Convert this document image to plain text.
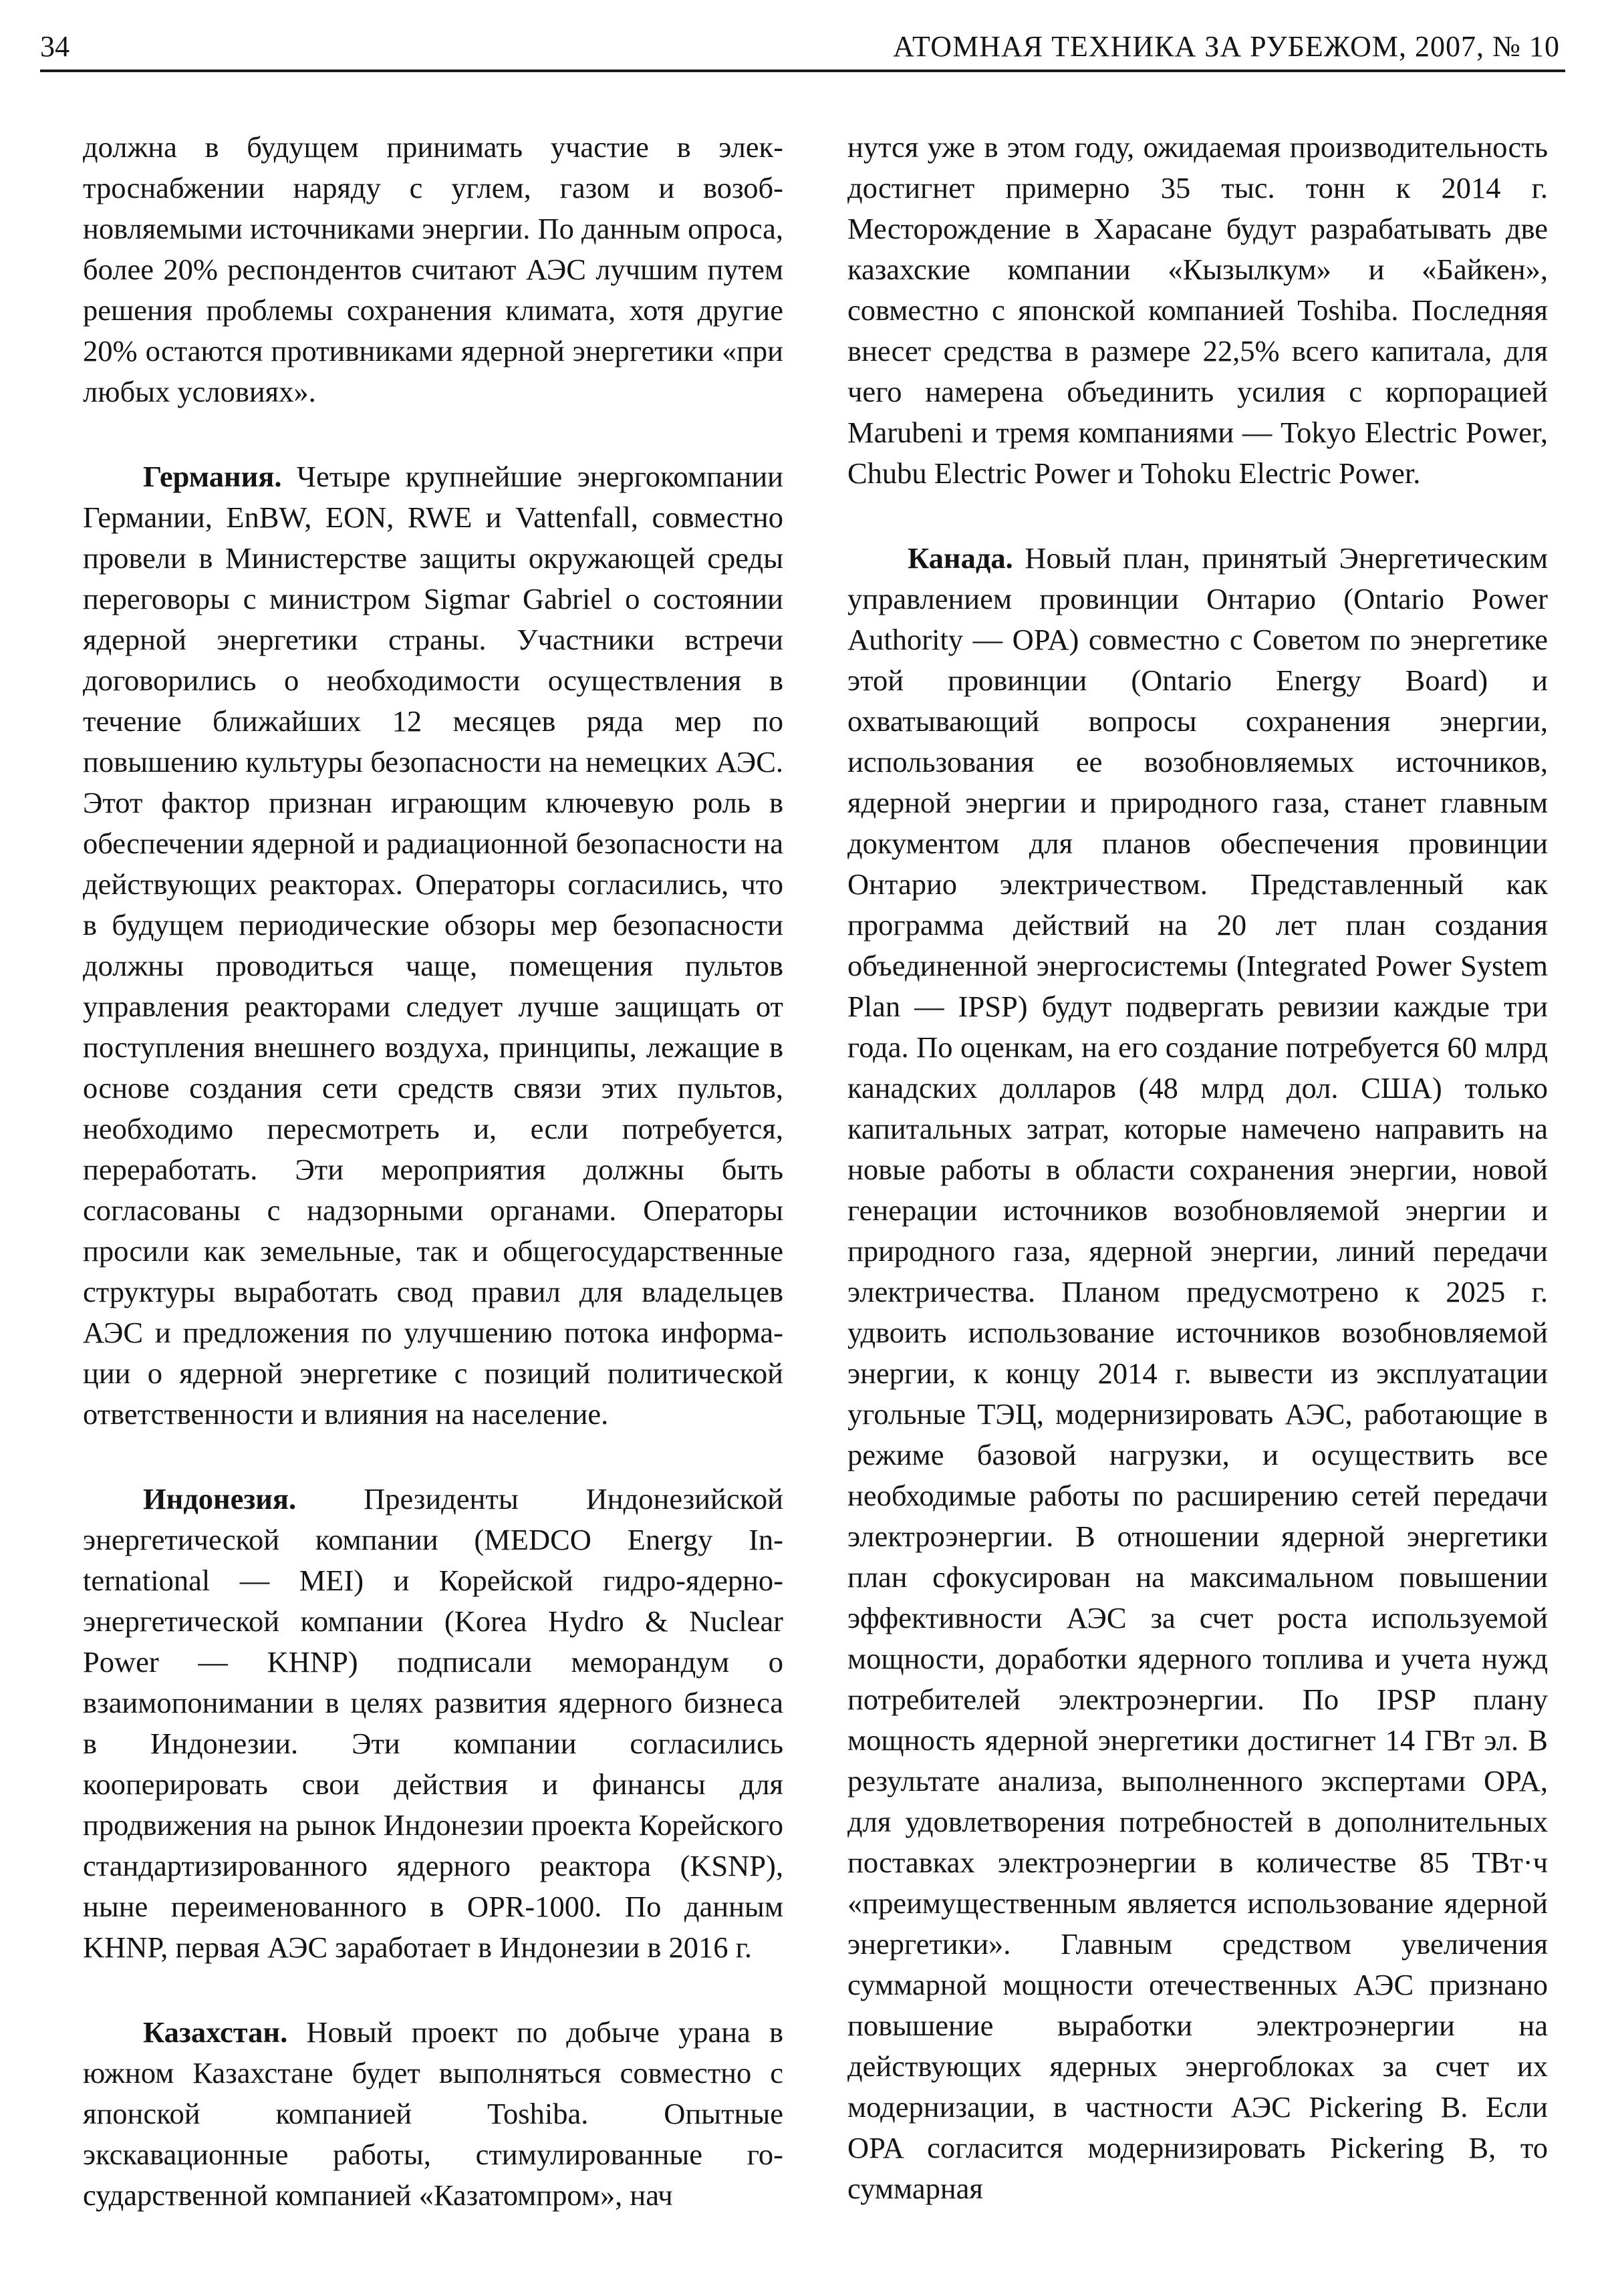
34	АТОМНАЯ ТЕХНИКА ЗА РУБЕЖОМ, 2007, № 10

должна в будущем принимать участие в электроснабжении наряду с углем, газом и возобновляемыми источниками энергии. По данным опроса, более 20% респондентов считают АЭС лучшим путем решения проблемы сохранения климата, хотя другие 20% остаются противниками ядерной энергетики «при любых условиях».

Германия. Четыре крупнейшие энергокомпании Германии, EnBW, EON, RWE и Vattenfall, совместно провели в Министерстве защиты окружающей среды переговоры с министром Sigmar Gabriel о состоянии ядерной энергетики страны. Участники встречи договорились о необходимости осуществления в течение ближайших 12 месяцев ряда мер по повышению культуры безопасности на немецких АЭС. Этот фактор признан играющим ключевую роль в обеспечении ядерной и радиационной безопасности на действующих реакторах. Операторы согласились, что в будущем периодические обзоры мер безопасности должны проводиться чаще, помещения пультов управления реакторами следует лучше защищать от поступления внешнего воздуха, принципы, лежащие в основе создания сети средств связи этих пультов, необходимо пересмотреть и, если потребуется, переработать. Эти мероприятия должны быть согласованы с надзорными органами. Операторы просили как земельные, так и общегосударственные структуры выработать свод правил для владельцев АЭС и предложения по улучшению потока информации о ядерной энергетике с позиций политической ответственности и влияния на население.

Индонезия. Президенты Индонезийской энергетической компании (MEDCO Energy International — MEI) и Корейской гидро-ядерно-энергетической компании (Korea Hydro & Nuclear Power — KHNP) подписали меморандум о взаимопонимании в целях развития ядерного бизнеса в Индонезии. Эти компании согласились кооперировать свои действия и финансы для продвижения на рынок Индонезии проекта Корейского стандартизированного ядерного реактора (KSNP), ныне переименованного в OPR-1000. По данным KHNP, первая АЭС заработает в Индонезии в 2016 г.

Казахстан. Новый проект по добыче урана в южном Казахстане будет выполняться совместно с японской компанией Toshiba. Опытные экскавационные работы, стимулированные государственной компанией «Казатомпром», нач

нутся уже в этом году, ожидаемая производительность достигнет примерно 35 тыс. тонн к 2014 г. Месторождение в Харасане будут разрабатывать две казахские компании «Кызылкум» и «Байкен», совместно с японской компанией Toshiba. Последняя внесет средства в размере 22,5% всего капитала, для чего намерена объединить усилия с корпорацией Marubeni и тремя компаниями — Tokyo Electric Power, Chubu Electric Power и Tohoku Electric Power.

Канада. Новый план, принятый Энергетическим управлением провинции Онтарио (Ontario Power Authority — OPA) совместно с Советом по энергетике этой провинции (Ontario Energy Board) и охватывающий вопросы сохранения энергии, использования ее возобновляемых источников, ядерной энергии и природного газа, станет главным документом для планов обеспечения провинции Онтарио электричеством. Представленный как программа действий на 20 лет план создания объединенной энергосистемы (Integrated Power System Plan — IPSP) будут подвергать ревизии каждые три года. По оценкам, на его создание потребуется 60 млрд канадских долларов (48 млрд дол. США) только капитальных затрат, которые намечено направить на новые работы в области сохранения энергии, новой генерации источников возобновляемой энергии и природного газа, ядерной энергии, линий передачи электричества. Планом предусмотрено к 2025 г. удвоить использование источников возобновляемой энергии, к концу 2014 г. вывести из эксплуатации угольные ТЭЦ, модернизировать АЭС, работающие в режиме базовой нагрузки, и осуществить все необходимые работы по расширению сетей передачи электроэнергии. В отношении ядерной энергетики план сфокусирован на максимальном повышении эффективности АЭС за счет роста используемой мощности, доработки ядерного топлива и учета нужд потребителей электроэнергии. По IPSP плану мощность ядерной энергетики достигнет 14 ГВт эл. В результате анализа, выполненного экспертами OPA, для удовлетворения потребностей в дополнительных поставках электроэнергии в количестве 85 ТВт·ч «преимущественным является использование ядерной энергетики». Главным средством увеличения суммарной мощности отечественных АЭС признано повышение выработки электроэнергии на действующих ядерных энергоблоках за счет их модернизации, в частности АЭС Pickering B. Если OPA согласится модернизировать Pickering B, то суммарная
